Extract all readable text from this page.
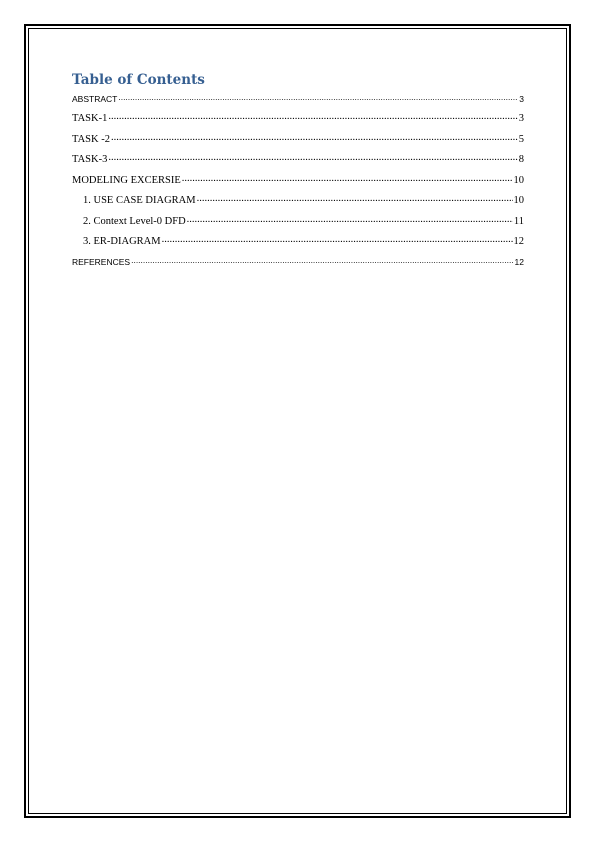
Table of Contents
ABSTRACT .....	3
TASK-1 .....	3
TASK -2 .....	5
TASK-3 .....	8
MODELING EXCERSIE .....	10
1. USE CASE DIAGRAM .....	10
2. Context Level-0 DFD .....	11
3. ER-DIAGRAM .....	12
REFERENCES .....	12
